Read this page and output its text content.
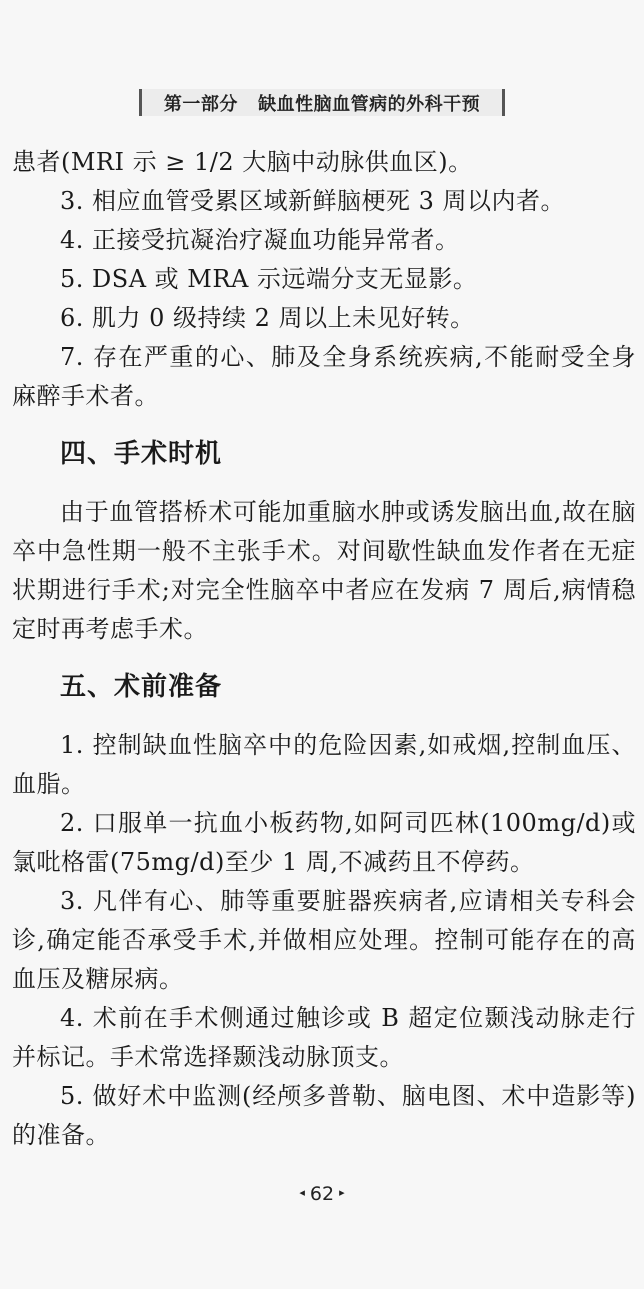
第一部分   缺血性脑血管病的外科干预

患者(MRI 示 ≥ 1/2 大脑中动脉供血区)。

3. 相应血管受累区域新鲜脑梗死 3 周以内者。

4. 正接受抗凝治疗凝血功能异常者。

5. DSA 或 MRA 示远端分支无显影。

6. 肌力 0 级持续 2 周以上未见好转。

7. 存在严重的心、肺及全身系统疾病,不能耐受全身麻醉手术者。

四、手术时机

由于血管搭桥术可能加重脑水肿或诱发脑出血,故在脑卒中急性期一般不主张手术。对间歇性缺血发作者在无症状期进行手术;对完全性脑卒中者应在发病 7 周后,病情稳定时再考虑手术。

五、术前准备

1. 控制缺血性脑卒中的危险因素,如戒烟,控制血压、血脂。

2. 口服单一抗血小板药物,如阿司匹林(100mg/d)或氯吡格雷(75mg/d)至少 1 周,不减药且不停药。

3. 凡伴有心、肺等重要脏器疾病者,应请相关专科会诊,确定能否承受手术,并做相应处理。控制可能存在的高血压及糖尿病。

4. 术前在手术侧通过触诊或 B 超定位颞浅动脉走行并标记。手术常选择颞浅动脉顶支。

5. 做好术中监测(经颅多普勒、脑电图、术中造影等)的准备。

◂ 62 ▸
